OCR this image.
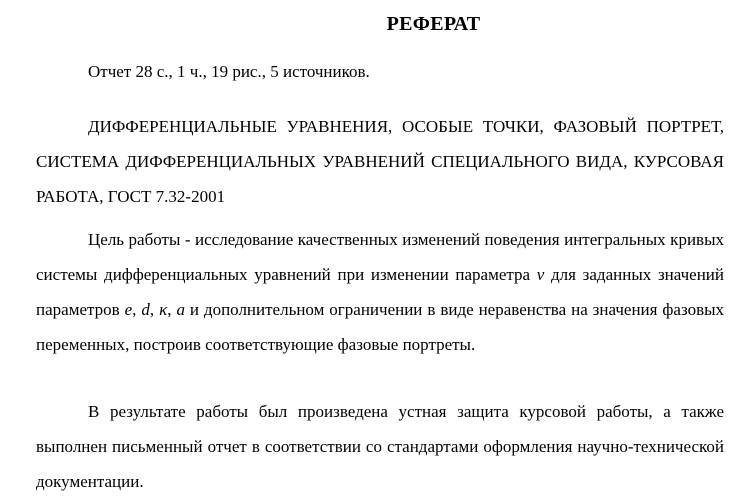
РЕФЕРАТ
Отчет 28 с., 1 ч., 19 рис., 5 источников.
ДИФФЕРЕНЦИАЛЬНЫЕ УРАВНЕНИЯ, ОСОБЫЕ ТОЧКИ, ФАЗОВЫЙ ПОРТРЕТ, СИСТЕМА ДИФФЕРЕНЦИАЛЬНЫХ УРАВНЕНИЙ СПЕЦИАЛЬНОГО ВИДА, КУРСОВАЯ РАБОТА, ГОСТ 7.32-2001
Цель работы - исследование качественных изменений поведения интегральных кривых системы дифференциальных уравнений при изменении параметра ν для заданных значений параметров e, d, κ, a и дополнительном ограничении в виде неравенства на значения фазовых переменных, построив соответствующие фазовые портреты.
В результате работы был произведена устная защита курсовой работы, а также выполнен письменный отчет в соответствии со стандартами оформления научно-технической документации.
